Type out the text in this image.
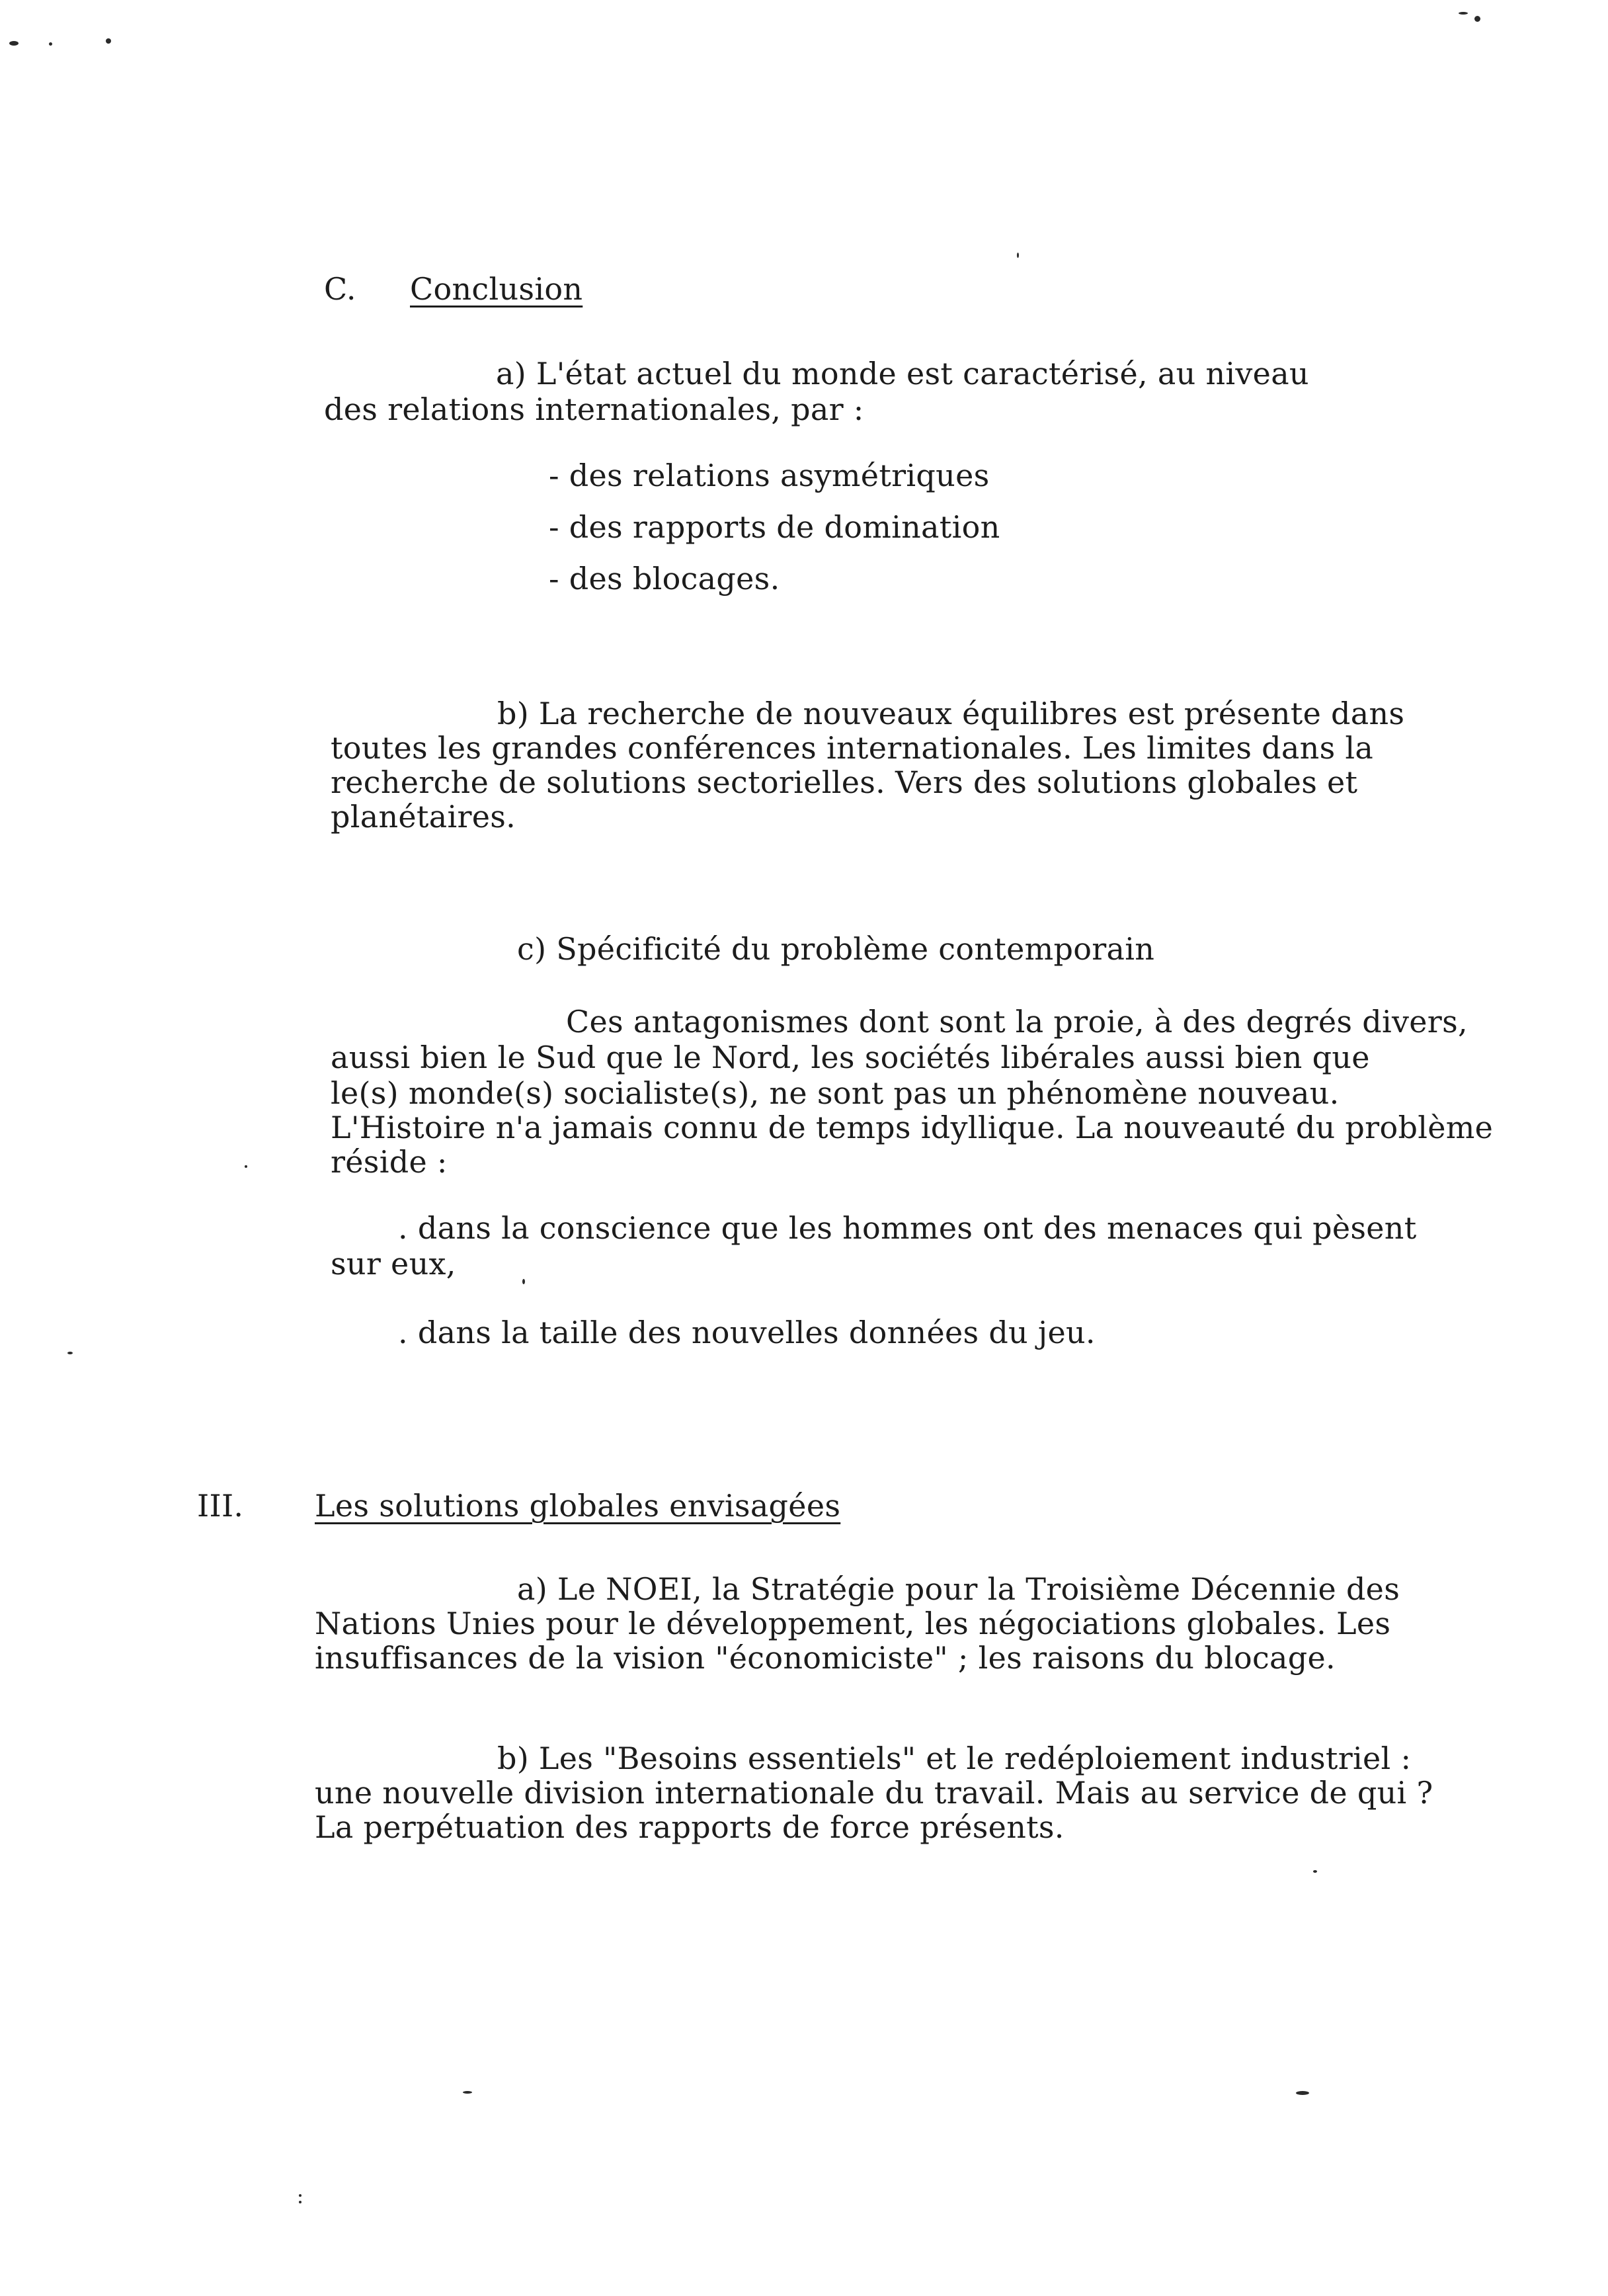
C. Conclusion
a) L'état actuel du monde est caractérisé, au niveau
des relations internationales, par :
- des relations asymétriques
- des rapports de domination
- des blocages.
b) La recherche de nouveaux équilibres est présente dans
toutes les grandes conférences internationales. Les limites dans la
recherche de solutions sectorielles. Vers des solutions globales et
planétaires.
c) Spécificité du problème contemporain
Ces antagonismes dont sont la proie, à des degrés divers,
aussi bien le Sud que le Nord, les sociétés libérales aussi bien que
le(s) monde(s) socialiste(s), ne sont pas un phénomène nouveau.
L'Histoire n'a jamais connu de temps idyllique. La nouveauté du problème
réside :
. dans la conscience que les hommes ont des menaces qui pèsent
sur eux,
. dans la taille des nouvelles données du jeu.
III. Les solutions globales envisagées
a) Le NOEI, la Stratégie pour la Troisième Décennie des
Nations Unies pour le développement, les négociations globales. Les
insuffisances de la vision "économiciste" ; les raisons du blocage.
b) Les "Besoins essentiels" et le redéploiement industriel :
une nouvelle division internationale du travail. Mais au service de qui ?
La perpétuation des rapports de force présents.
